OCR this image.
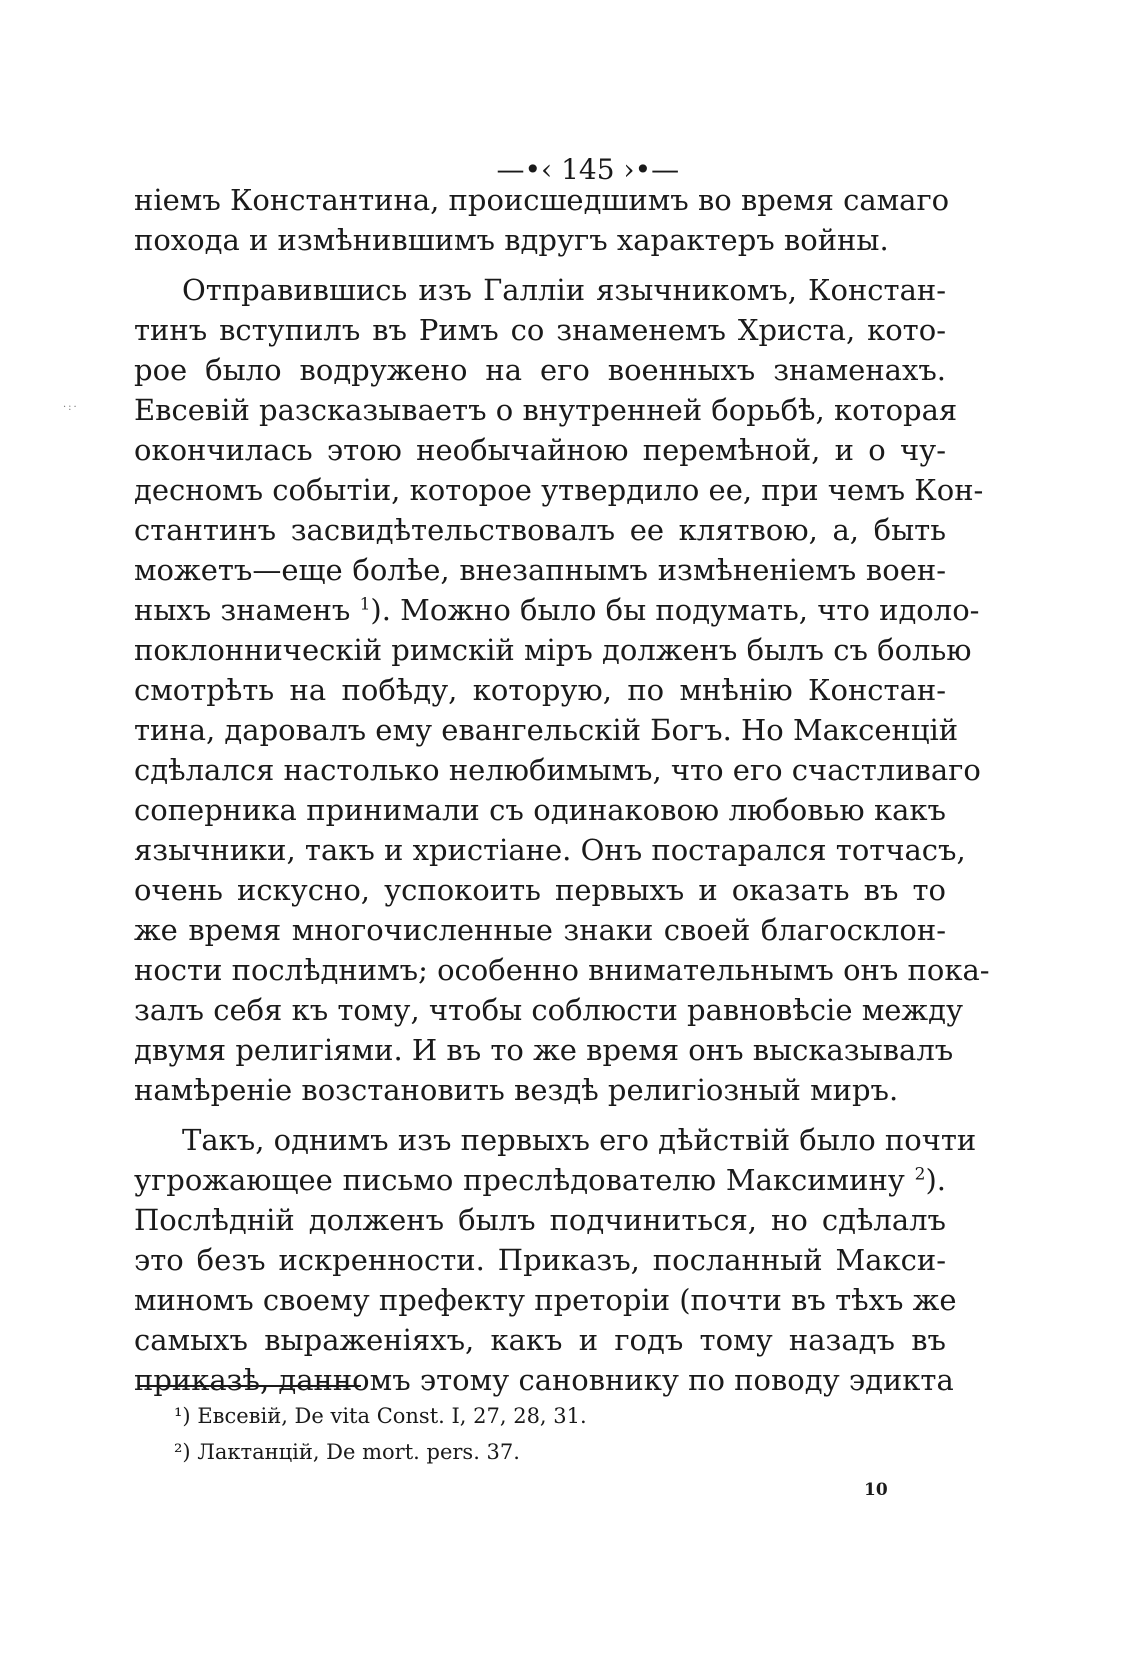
·:·

—•‹ 145 ›•—

ніемъ Константина, происшедшимъ во время самаго
похода и измѣнившимъ вдругъ характеръ войны.
Отправившись изъ Галліи язычникомъ, Констан-
тинъ вступилъ въ Римъ со знаменемъ Христа, кото-
рое было водружено на его военныхъ знаменахъ.
Евсевій разсказываетъ о внутренней борьбѣ, которая
окончилась этою необычайною перемѣной, и о чу-
десномъ событіи, которое утвердило ее, при чемъ Кон-
стантинъ засвидѣтельствовалъ ее клятвою, а, быть
можетъ—еще болѣе, внезапнымъ измѣненіемъ воен-
ныхъ знаменъ $^1$). Можно было бы подумать, что идоло-
поклонническій римскій міръ долженъ былъ съ болью
смотрѣть на побѣду, которую, по мнѣнію Констан-
тина, даровалъ ему евангельскій Богъ. Но Максенцій
сдѣлался настолько нелюбимымъ, что его счастливаго
соперника принимали съ одинаковою любовью какъ
язычники, такъ и христіане. Онъ постарался тотчасъ,
очень искусно, успокоить первыхъ и оказать въ то
же время многочисленные знаки своей благосклон-
ности послѣднимъ; особенно внимательнымъ онъ пока-
залъ себя къ тому, чтобы соблюсти равновѣсіе между
двумя религіями. И въ то же время онъ высказывалъ
намѣреніе возстановить вездѣ религіозный миръ.
Такъ, однимъ изъ первыхъ его дѣйствій было почти
угрожающее письмо преслѣдователю Максимину $^2$).
Послѣдній долженъ былъ подчиниться, но сдѣлалъ
это безъ искренности. Приказъ, посланный Макси-
миномъ своему префекту преторіи (почти въ тѣхъ же
самыхъ выраженіяхъ, какъ и годъ тому назадъ въ
приказѣ, данномъ этому сановнику по поводу эдикта
¹) Евсевій, De vita Const. I, 27, 28, 31.
²) Лактанцій, De mort. pers. 37.
10
